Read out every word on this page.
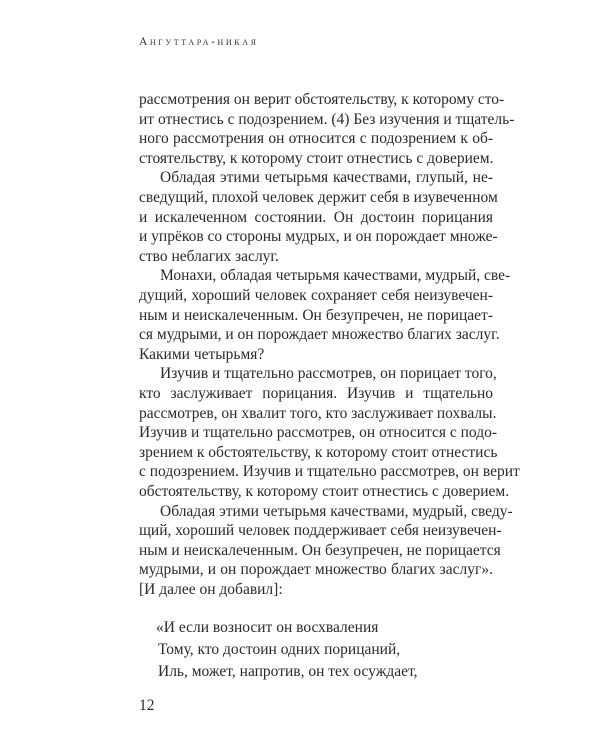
Ангуттара-никая
рассмотрения он верит обстоятельству, к которому сто-
ит отнестись с подозрением. (4) Без изучения и тщатель-
ного рассмотрения он относится с подозрением к об-
стоятельству, к которому стоит отнестись с доверием.
Обладая этими четырьмя качествами, глупый, не-
сведущий, плохой человек держит себя в изувеченном
и искалеченном состоянии. Он достоин порицания
и упрёков со стороны мудрых, и он порождает множе-
ство неблагих заслуг.
Монахи, обладая четырьмя качествами, мудрый, све-
дущий, хороший человек сохраняет себя неизувечен-
ным и неискалеченным. Он безупречен, не порицает-
ся мудрыми, и он порождает множество благих заслуг.
Какими четырьмя?
Изучив и тщательно рассмотрев, он порицает того,
кто заслуживает порицания. Изучив и тщательно
рассмотрев, он хвалит того, кто заслуживает похвалы.
Изучив и тщательно рассмотрев, он относится с подо-
зрением к обстоятельству, к которому стоит отнестись
с подозрением. Изучив и тщательно рассмотрев, он верит
обстоятельству, к которому стоит отнестись с доверием.
Обладая этими четырьмя качествами, мудрый, сведу-
щий, хороший человек поддерживает себя неизувечен-
ным и неискалеченным. Он безупречен, не порицается
мудрыми, и он порождает множество благих заслуг».
[И далее он добавил]:
«И если возносит он восхваления
Тому, кто достоин одних порицаний,
Иль, может, напротив, он тех осуждает,
12
